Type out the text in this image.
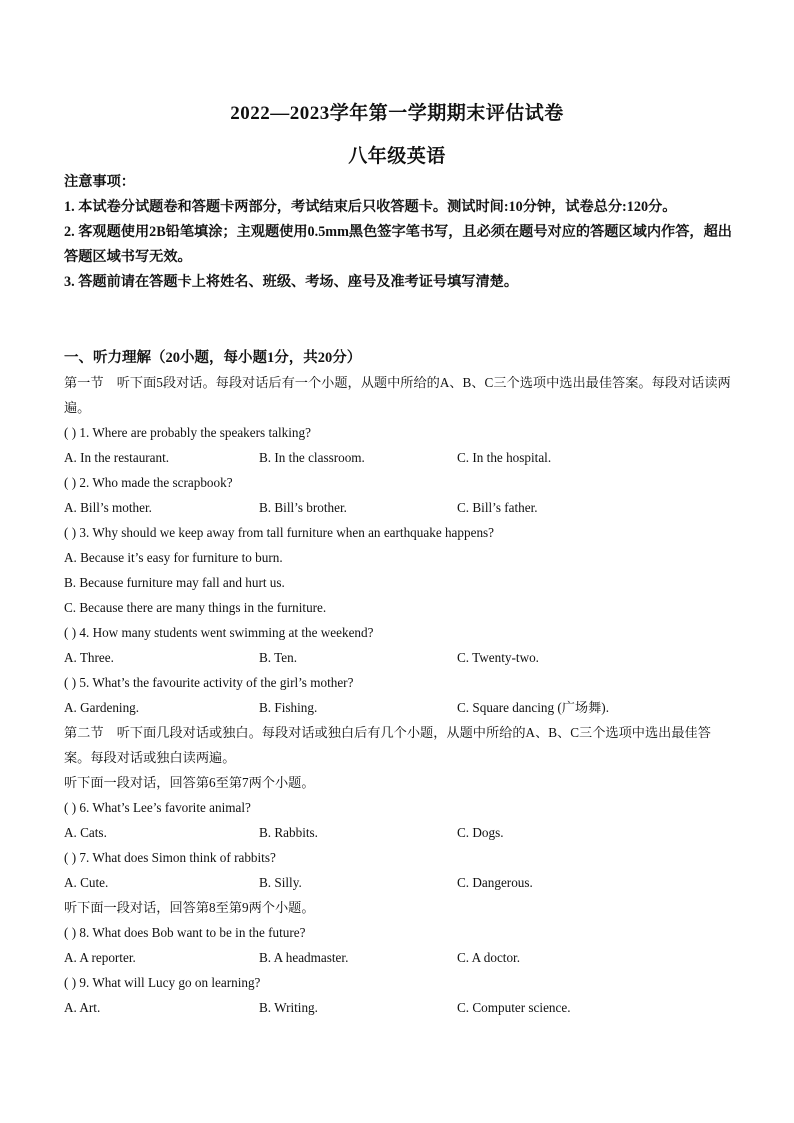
2022—2023学年第一学期期末评估试卷
八年级英语

注意事项：

1. 本试卷分试题卷和答题卡两部分，考试结束后只收答题卡。测试时间:10分钟，试卷总分:120分。

2. 客观题使用2B铅笔填涂；主观题使用0.5mm黑色签字笔书写，且必须在题号对应的答题区域内作答，超出答题区域书写无效。

3. 答题前请在答题卡上将姓名、班级、考场、座号及准考证号填写清楚。

一、听力理解（20小题，每小题1分，共20分）
第一节　听下面5段对话。每段对话后有一个小题，从题中所给的A、B、C三个选项中选出最佳答案。每段对话读两遍。
( ) 1. Where are probably the speakers talking?
A. In the restaurant.	B. In the classroom.	C. In the hospital.
( ) 2. Who made the scrapbook?
A. Bill’s mother.	B. Bill’s brother.	C. Bill’s father.
( ) 3. Why should we keep away from tall furniture when an earthquake happens?
A. Because it’s easy for furniture to burn.
B. Because furniture may fall and hurt us.
C. Because there are many things in the furniture.
( ) 4. How many students went swimming at the weekend?
A. Three.	B. Ten.	C. Twenty-two.
( ) 5. What’s the favourite activity of the girl’s mother?
A. Gardening.	B. Fishing.	C. Square dancing (广场舞).
第二节　听下面几段对话或独白。每段对话或独白后有几个小题，从题中所给的A、B、C三个选项中选出最佳答案。每段对话或独白读两遍。
听下面一段对话，回答第6至第7两个小题。
( ) 6. What’s Lee’s favorite animal?
A. Cats.	B. Rabbits.	C. Dogs.
( ) 7. What does Simon think of rabbits?
A. Cute.	B. Silly.	C. Dangerous.
听下面一段对话，回答第8至第9两个小题。
( ) 8. What does Bob want to be in the future?
A. A reporter.	B. A headmaster.	C. A doctor.
( ) 9. What will Lucy go on learning?
A. Art.	B. Writing.	C. Computer science.
